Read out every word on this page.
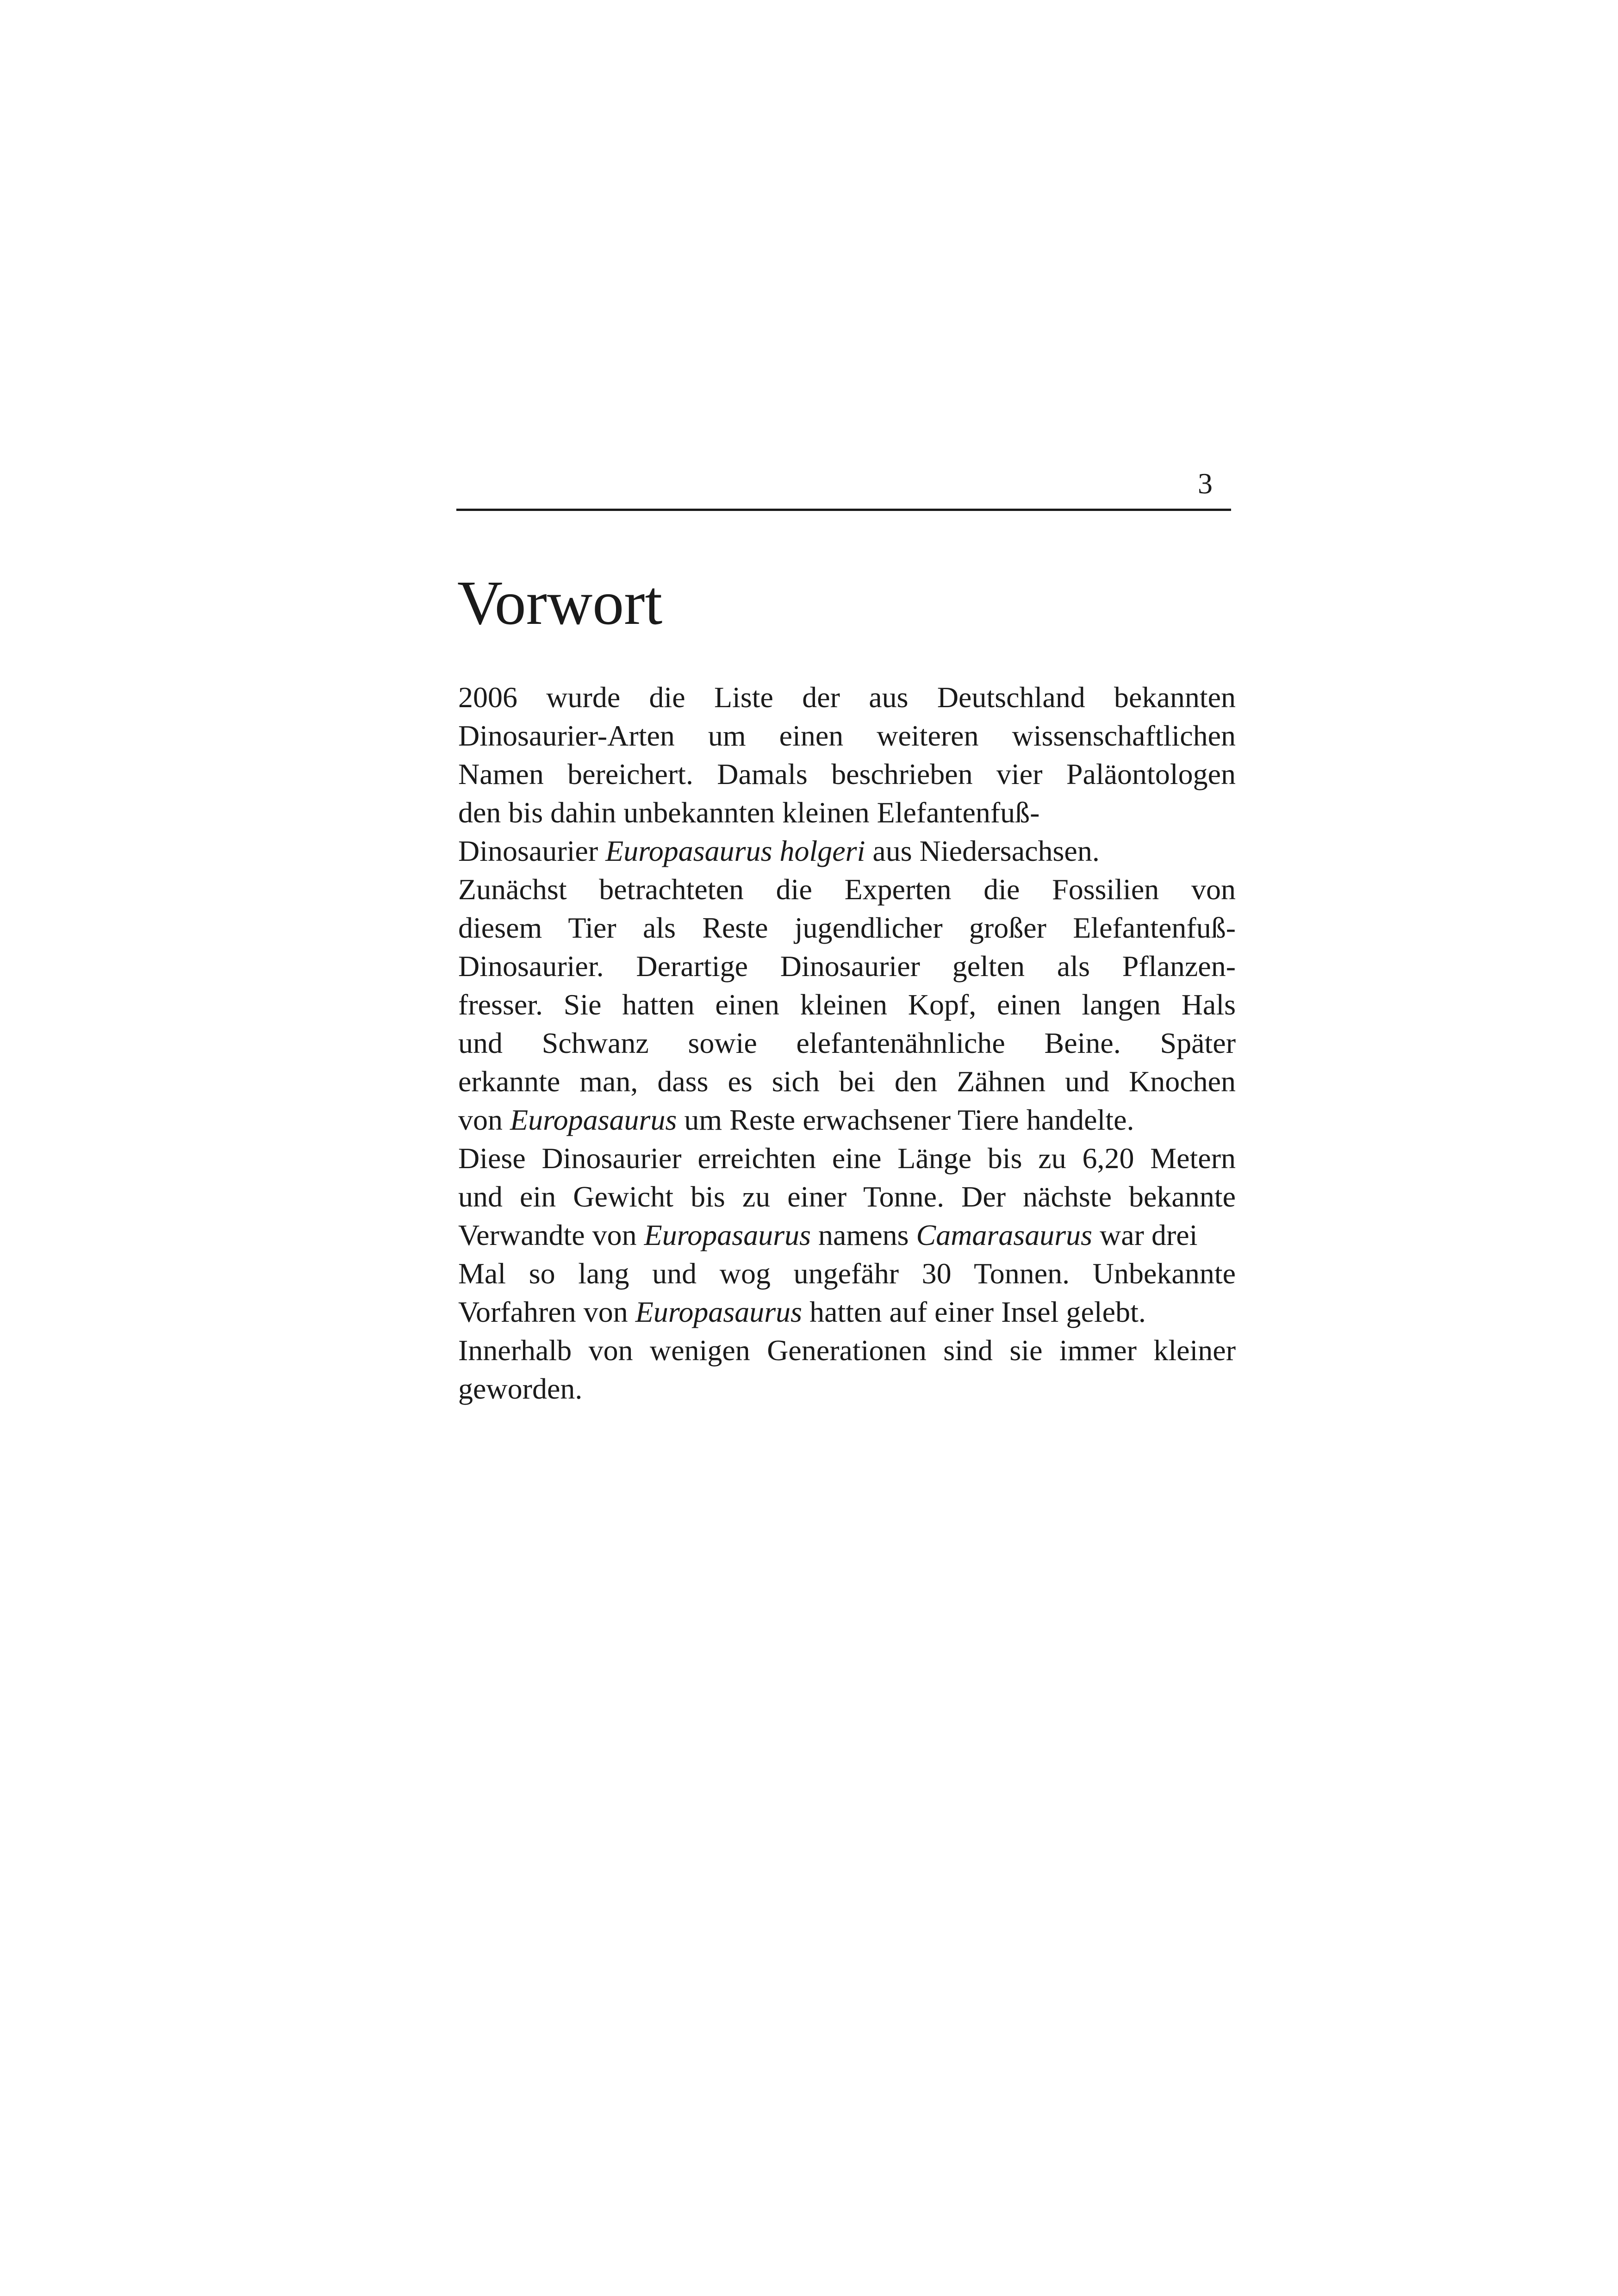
3
Vorwort
2006 wurde die Liste der aus Deutschland bekannten
Dinosaurier-Arten um einen weiteren wissenschaftlichen
Namen bereichert. Damals beschrieben vier Paläontologen
den bis dahin unbekannten kleinen Elefantenfuß-
Dinosaurier Europasaurus holgeri aus Niedersachsen.
Zunächst betrachteten die Experten die Fossilien von
diesem Tier als Reste jugendlicher großer Elefantenfuß-
Dinosaurier. Derartige Dinosaurier gelten als Pflanzen-
fresser. Sie hatten einen kleinen Kopf, einen langen Hals
und Schwanz sowie elefantenähnliche Beine. Später
erkannte man, dass es sich bei den Zähnen und Knochen
von Europasaurus um Reste erwachsener Tiere handelte.
Diese Dinosaurier erreichten eine Länge bis zu 6,20 Metern
und ein Gewicht bis zu einer Tonne. Der nächste bekannte
Verwandte von Europasaurus namens Camarasaurus war drei
Mal so lang und wog ungefähr 30 Tonnen. Unbekannte
Vorfahren von Europasaurus hatten auf einer Insel gelebt.
Innerhalb von wenigen Generationen sind sie immer kleiner
geworden.
